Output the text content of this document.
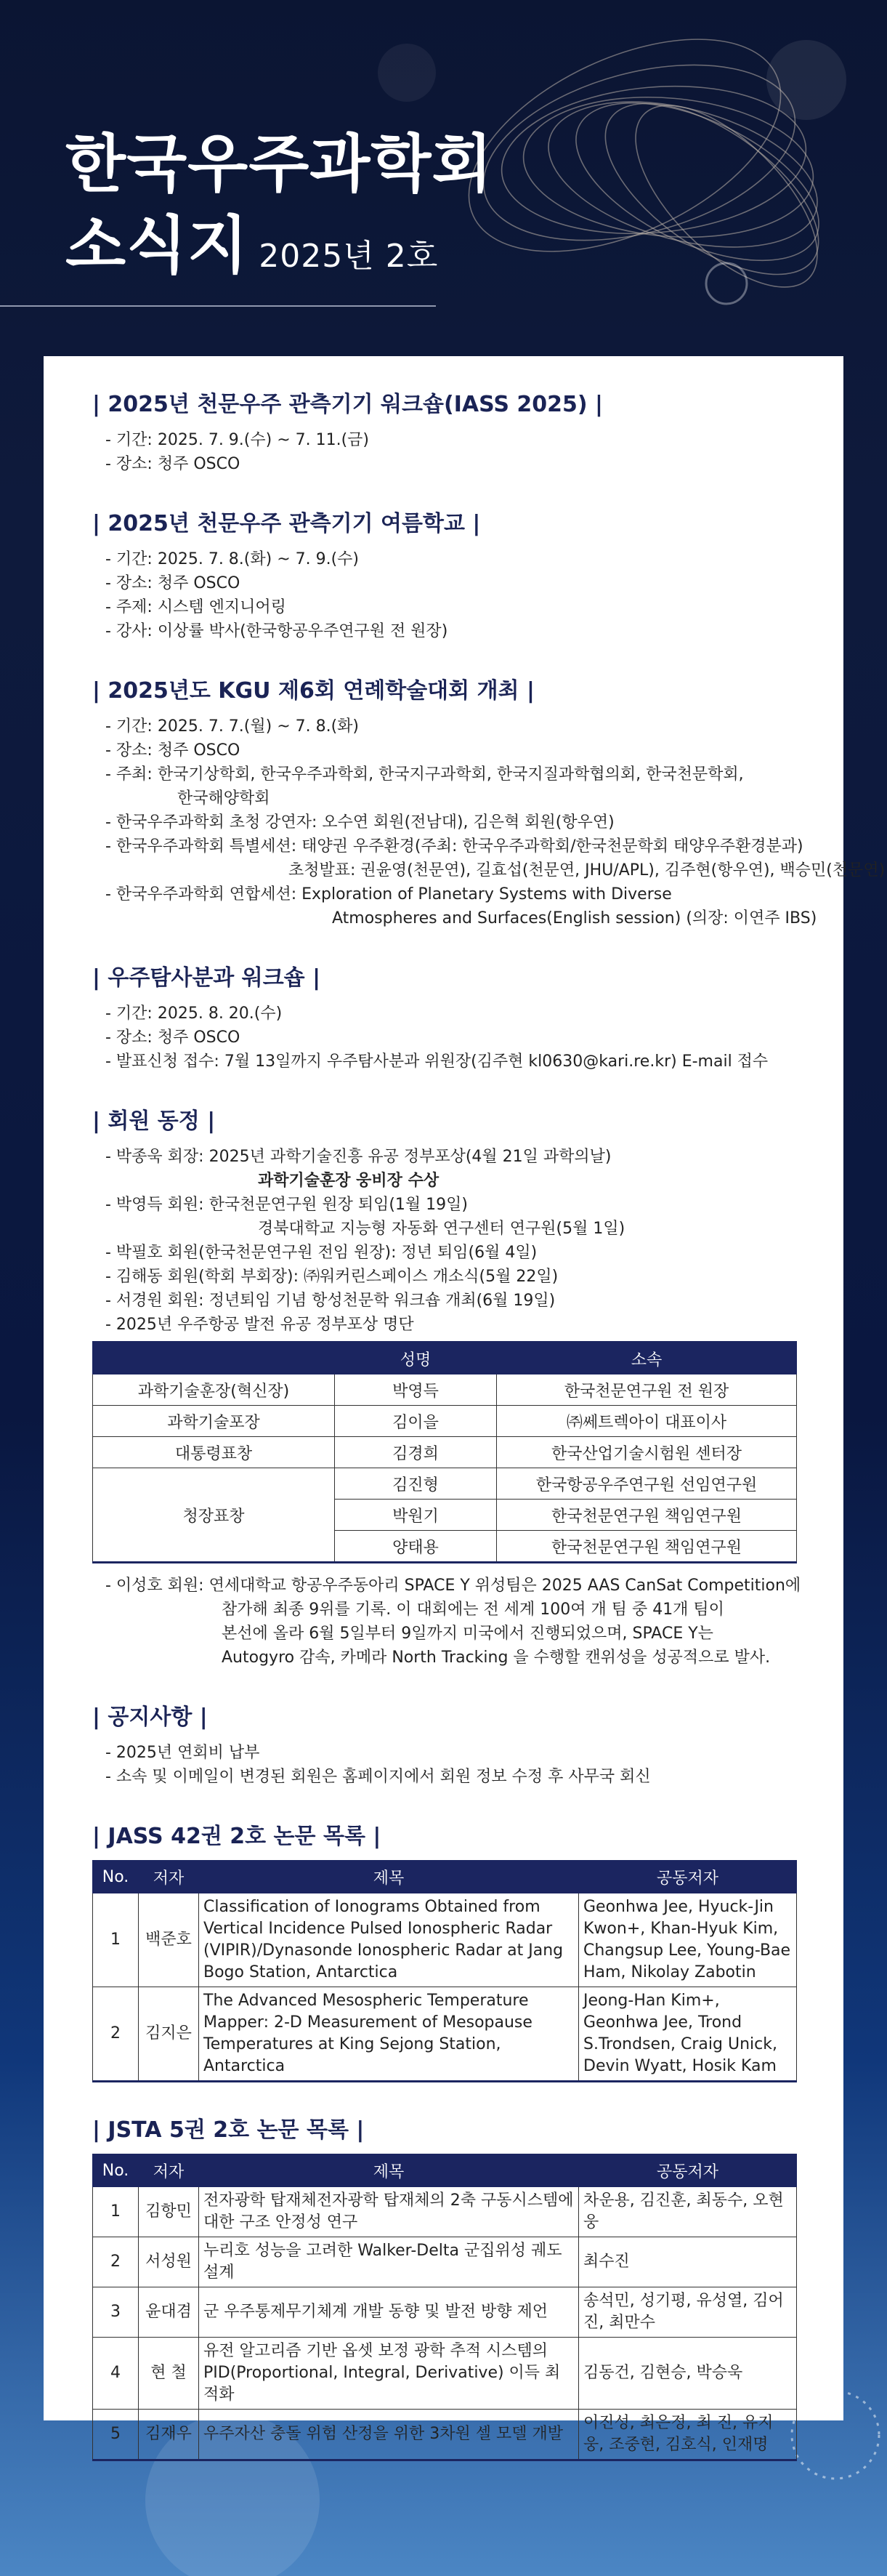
한국우주과학회
소식지 2025년 2호
| 2025년 천문우주 관측기기 워크숍(IASS 2025) |
- 기간: 2025. 7. 9.(수) ~ 7. 11.(금)
- 장소: 청주 OSCO
| 2025년 천문우주 관측기기 여름학교 |
- 기간: 2025. 7. 8.(화) ~ 7. 9.(수)
- 장소: 청주 OSCO
- 주제: 시스템 엔지니어링
- 강사: 이상률 박사(한국항공우주연구원 전 원장)
| 2025년도 KGU 제6회 연례학술대회 개최 |
- 기간: 2025. 7. 7.(월) ~ 7. 8.(화)
- 장소: 청주 OSCO
- 주최: 한국기상학회, 한국우주과학회, 한국지구과학회, 한국지질과학협의회, 한국천문학회,
한국해양학회
- 한국우주과학회 초청 강연자: 오수연 회원(전남대), 김은혁 회원(항우연)
- 한국우주과학회 특별세션: 태양권 우주환경(주최: 한국우주과학회/한국천문학회 태양우주환경분과)
초청발표: 권윤영(천문연), 길효섭(천문연, JHU/APL), 김주현(항우연), 백승민(천문연)
- 한국우주과학회 연합세션: Exploration of Planetary Systems with Diverse
Atmospheres and Surfaces(English session) (의장: 이연주 IBS)
| 우주탐사분과 워크숍 |
- 기간: 2025. 8. 20.(수)
- 장소: 청주 OSCO
- 발표신청 접수: 7월 13일까지 우주탐사분과 위원장(김주현 kl0630@kari.re.kr) E-mail 접수
| 회원 동정 |
- 박종욱 회장: 2025년 과학기술진흥 유공 정부포상(4월 21일 과학의날)
과학기술훈장 웅비장 수상
- 박영득 회원: 한국천문연구원 원장 퇴임(1월 19일)
경북대학교 지능형 자동화 연구센터 연구원(5월 1일)
- 박필호 회원(한국천문연구원 전임 원장): 정년 퇴임(6월 4일)
- 김해동 회원(학회 부회장): ㈜워커린스페이스 개소식(5월 22일)
- 서경원 회원: 정년퇴임 기념 항성천문학 워크숍 개최(6월 19일)
- 2025년 우주항공 발전 유공 정부포상 명단
	성명	소속
과학기술훈장(혁신장)	박영득	한국천문연구원 전 원장
과학기술포장	김이을	㈜쎄트렉아이 대표이사
대통령표창	김경희	한국산업기술시험원 센터장
청장표창	김진형	한국항공우주연구원 선임연구원
	박원기	한국천문연구원 책임연구원
	양태용	한국천문연구원 책임연구원
- 이성호 회원: 연세대학교 항공우주동아리 SPACE Y 위성팀은 2025 AAS CanSat Competition에
참가해 최종 9위를 기록. 이 대회에는 전 세계 100여 개 팀 중 41개 팀이
본선에 올라 6월 5일부터 9일까지 미국에서 진행되었으며, SPACE Y는
Autogyro 감속, 카메라 North Tracking 을 수행할 캔위성을 성공적으로 발사.
| 공지사항 |
- 2025년 연회비 납부
- 소속 및 이메일이 변경된 회원은 홈페이지에서 회원 정보 수정 후 사무국 회신
| JASS 42권 2호 논문 목록 |
No.	저자	제목	공동저자
1	백준호	Classification of Ionograms Obtained from Vertical Incidence Pulsed Ionospheric Radar (VIPIR)/Dynasonde Ionospheric Radar at Jang Bogo Station, Antarctica	Geonhwa Jee, Hyuck-Jin Kwon+, Khan-Hyuk Kim, Changsup Lee, Young-Bae Ham, Nikolay Zabotin
2	김지은	The Advanced Mesospheric Temperature Mapper: 2-D Measurement of Mesopause Temperatures at King Sejong Station, Antarctica	Jeong-Han Kim+, Geonhwa Jee, Trond S.Trondsen, Craig Unick, Devin Wyatt, Hosik Kam
| JSTA 5권 2호 논문 목록 |
No.	저자	제목	공동저자
1	김항민	전자광학 탑재체전자광학 탑재체의 2축 구동시스템에 대한 구조 안정성 연구	차운용, 김진훈, 최동수, 오현웅
2	서성원	누리호 성능을 고려한 Walker-Delta 군집위성 궤도설계	최수진
3	윤대겸	군 우주통제무기체계 개발 동향 및 발전 방향 제언	송석민, 성기평, 유성열, 김어진, 최만수
4	현 철	유전 알고리즘 기반 옵셋 보정 광학 추적 시스템의 PID(Proportional, Integral, Derivative) 이득 최적화	김동건, 김현승, 박승욱
5	김재우	우주자산 충돌 위험 산정을 위한 3차원 셀 모델 개발	이진성, 최은정, 최 진, 유지웅, 조중현, 김호식, 인재명
